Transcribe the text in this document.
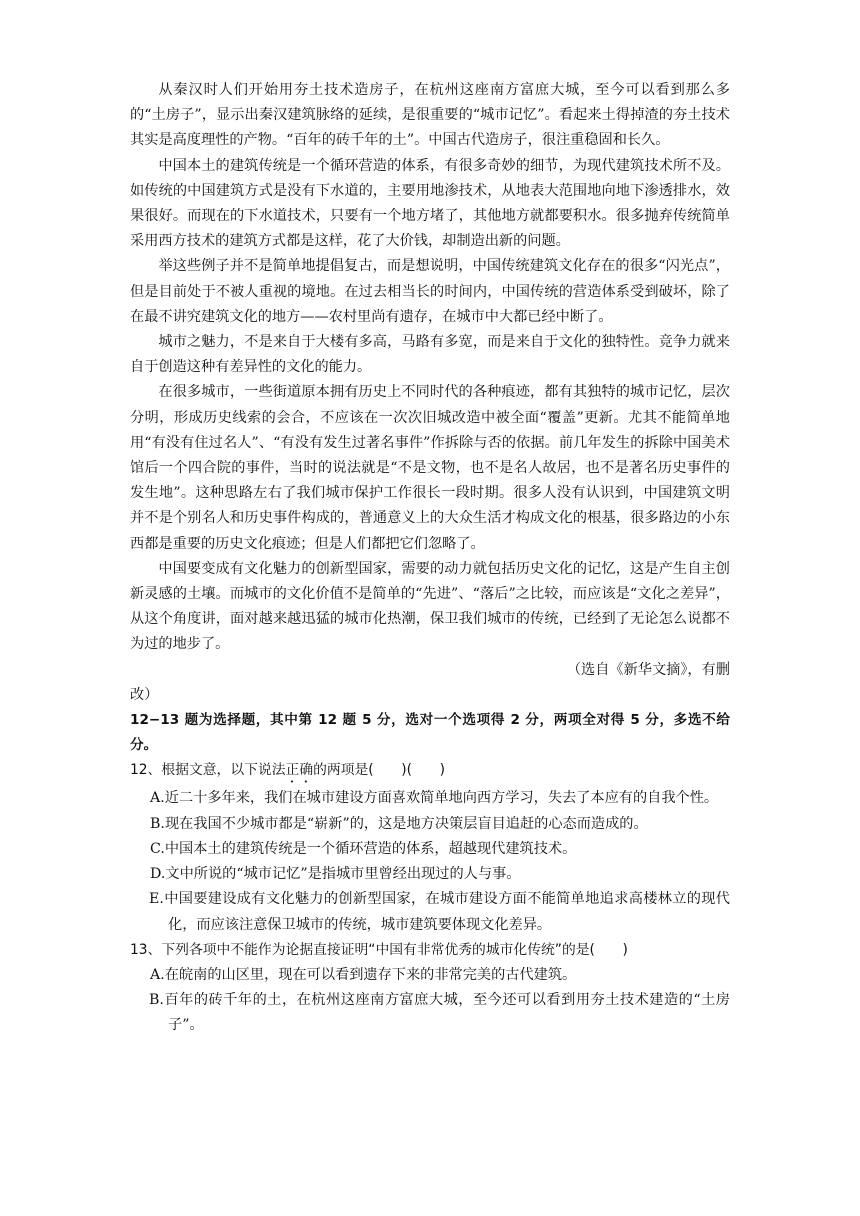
从秦汉时人们开始用夯土技术造房子，在杭州这座南方富庶大城，至今可以看到那么多的“土房子”，显示出秦汉建筑脉络的延续，是很重要的“城市记忆”。看起来土得掉渣的夯土技术其实是高度理性的产物。“百年的砖千年的土”。中国古代造房子，很注重稳固和长久。

中国本土的建筑传统是一个循环营造的体系，有很多奇妙的细节，为现代建筑技术所不及。如传统的中国建筑方式是没有下水道的，主要用地渗技术，从地表大范围地向地下渗透排水，效果很好。而现在的下水道技术，只要有一个地方堵了，其他地方就都要积水。很多抛弃传统简单采用西方技术的建筑方式都是这样，花了大价钱，却制造出新的问题。

举这些例子并不是简单地提倡复古，而是想说明，中国传统建筑文化存在的很多“闪光点”，但是目前处于不被人重视的境地。在过去相当长的时间内，中国传统的营造体系受到破坏，除了在最不讲究建筑文化的地方——农村里尚有遗存，在城市中大都已经中断了。

城市之魅力，不是来自于大楼有多高，马路有多宽，而是来自于文化的独特性。竞争力就来自于创造这种有差异性的文化的能力。

在很多城市，一些街道原本拥有历史上不同时代的各种痕迹，都有其独特的城市记忆，层次分明，形成历史线索的会合，不应该在一次次旧城改造中被全面“覆盖”更新。尤其不能简单地用“有没有住过名人”、“有没有发生过著名事件”作拆除与否的依据。前几年发生的拆除中国美术馆后一个四合院的事件，当时的说法就是“不是文物，也不是名人故居，也不是著名历史事件的发生地”。这种思路左右了我们城市保护工作很长一段时期。很多人没有认识到，中国建筑文明并不是个别名人和历史事件构成的，普通意义上的大众生活才构成文化的根基，很多路边的小东西都是重要的历史文化痕迹；但是人们都把它们忽略了。

中国要变成有文化魅力的创新型国家，需要的动力就包括历史文化的记忆，这是产生自主创新灵感的土壤。而城市的文化价值不是简单的“先进”、“落后”之比较，而应该是“文化之差异”，从这个角度讲，面对越来越迅猛的城市化热潮，保卫我们城市的传统，已经到了无论怎么说都不为过的地步了。

（选自《新华文摘》，有删

改）

12−13 题为选择题，其中第 12 题 5 分，选对一个选项得 2 分，两项全对得 5 分，多选不给分。

12、根据文意，以下说法正确的两项是(　　)(　　)

A.近二十多年来，我们在城市建设方面喜欢简单地向西方学习，失去了本应有的自我个性。

B.现在我国不少城市都是“崭新”的，这是地方决策层盲目追赶的心态而造成的。

C.中国本土的建筑传统是一个循环营造的体系，超越现代建筑技术。

D.文中所说的“城市记忆”是指城市里曾经出现过的人与事。

E.中国要建设成有文化魅力的创新型国家，在城市建设方面不能简单地追求高楼林立的现代化，而应该注意保卫城市的传统，城市建筑要体现文化差异。

13、下列各项中不能作为论据直接证明“中国有非常优秀的城市化传统”的是(　　)

A.在皖南的山区里，现在可以看到遗存下来的非常完美的古代建筑。

B.百年的砖千年的土，在杭州这座南方富庶大城，至今还可以看到用夯土技术建造的“土房子”。
